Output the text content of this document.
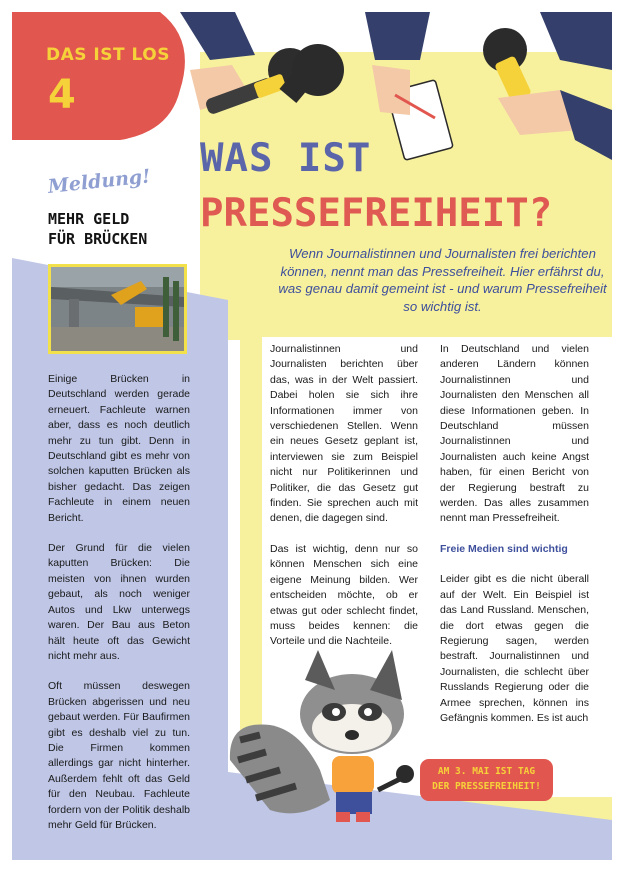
DAS IST LOS
4
Meldung!
MEHR GELD
FÜR BRÜCKEN

Einige Brücken in Deutschland werden gerade erneuert. Fachleute warnen aber, dass es noch deutlich mehr zu tun gibt. Denn in Deutschland gibt es mehr von solchen kaputten Brücken als bisher gedacht. Das zeigen Fachleute in einem neuen Bericht.

Der Grund für die vielen kaputten Brücken: Die meisten von ihnen wurden gebaut, als noch weniger Autos und Lkw unterwegs waren. Der Bau aus Beton hält heute oft das Gewicht nicht mehr aus.

Oft müssen deswegen Brücken abgerissen und neu gebaut werden. Für Baufirmen gibt es deshalb viel zu tun. Die Firmen kommen allerdings gar nicht hinterher. Außerdem fehlt oft das Geld für den Neubau. Fachleute fordern von der Politik deshalb mehr Geld für Brücken.

WAS IST
PRESSEFREIHEIT?
Wenn Journalistinnen und Journalisten frei berichten können, nennt man das Pressefreiheit. Hier erfährst du, was genau damit gemeint ist - und warum Pressefreiheit so wichtig ist.

Journalistinnen und Journalisten berichten über das, was in der Welt passiert. Dabei holen sie sich ihre Informationen immer von verschiedenen Stellen. Wenn ein neues Gesetz geplant ist, interviewen sie zum Beispiel nicht nur Politikerinnen und Politiker, die das Gesetz gut finden. Sie sprechen auch mit denen, die dagegen sind.

Das ist wichtig, denn nur so können Menschen sich eine eigene Meinung bilden. Wer entscheiden möchte, ob er etwas gut oder schlecht findet, muss beides kennen: die Vorteile und die Nachteile.

In Deutschland und vielen anderen Ländern können Journalistinnen und Journalisten den Menschen all diese Informationen geben. In Deutschland müssen Journalistinnen und Journalisten auch keine Angst haben, für einen Bericht von der Regierung bestraft zu werden. Das alles zusammen nennt man Pressefreiheit.

Freie Medien sind wichtig

Leider gibt es die nicht überall auf der Welt. Ein Beispiel ist das Land Russland. Menschen, die dort etwas gegen die Regierung sagen, werden bestraft. Journalistinnen und Journalisten, die schlecht über Russlands Regierung oder die Armee sprechen, können ins Gefängnis kommen. Es ist auch

AM 3. MAI IST TAG
DER PRESSEFREIHEIT!
